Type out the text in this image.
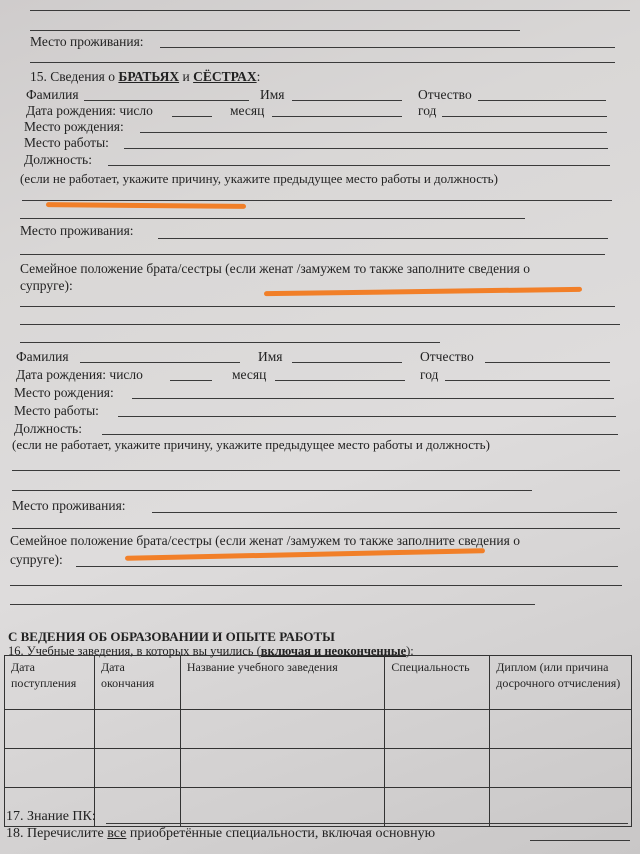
Место проживания:
15. Сведения о БРАТЬЯХ и СЁСТРАХ:
Фамилия	Имя	Отчество
Дата рождения: число	месяц	год
Место рождения:
Место работы:
Должность:
(если не работает, укажите причину, укажите предыдущее место работы и должность)
Место проживания:
Семейное положение брата/сестры (если женат /замужем то также заполните сведения о
супруге):
Фамилия	Имя	Отчество
Дата рождения: число	месяц	год
Место рождения:
Место работы:
Должность:
(если не работает, укажите причину, укажите предыдущее место работы и должность)
Место проживания:
Семейное положение брата/сестры (если женат /замужем то также заполните сведения о
супруге):
С ВЕДЕНИЯ ОБ ОБРАЗОВАНИИ И ОПЫТЕ РАБОТЫ
16. Учебные заведения, в которых вы учились (включая и неоконченные):
Дата поступления	Дата окончания	Название учебного заведения	Специальность	Диплом (или причина досрочного отчисления)

17. Знание ПК:
18. Перечислите все приобретённые специальности, включая основную
